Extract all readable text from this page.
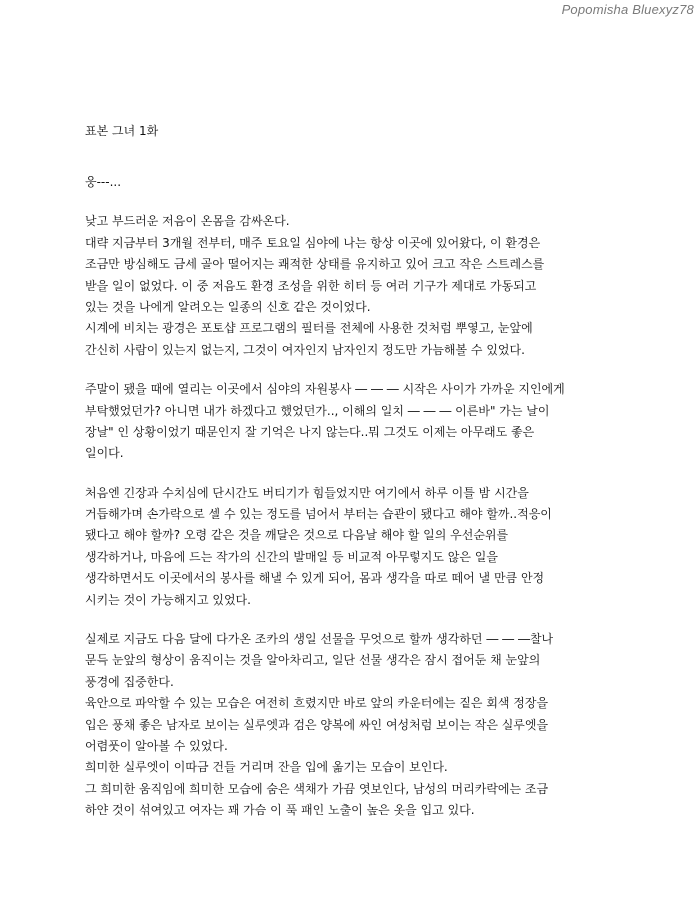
Popomisha Bluexyz78
표본 그녀 1화
웅---...
낮고 부드러운 저음이 온몸을 감싸온다.
대략 지금부터 3개월 전부터, 매주 토요일 심야에 나는 항상 이곳에 있어왔다, 이 환경은
조금만 방심해도 금세 골아 떨어지는 쾌적한 상태를 유지하고 있어 크고 작은 스트레스를
받을 일이 없었다. 이 중 저음도 환경 조성을 위한 히터 등 여러 기구가 제대로 가동되고
있는 것을 나에게 알려오는 일종의 신호 같은 것이었다.
시계에 비치는 광경은 포토샵 프로그램의 필터를 전체에 사용한 것처럼 뿌옇고, 눈앞에
간신히 사람이 있는지 없는지, 그것이 여자인지 남자인지 정도만 가늠해볼 수 있었다.
주말이 됐을 때에 열리는 이곳에서 심야의 자원봉사 ― ― ― 시작은 사이가 가까운 지인에게
부탁했었던가? 아니면 내가 하겠다고 했었던가.., 이해의 일치 ― ― ― 이른바" 가는 날이
장날" 인 상황이었기 때문인지 잘 기억은 나지 않는다..뭐 그것도 이제는 아무래도 좋은
일이다.
처음엔 긴장과 수치심에 단시간도 버티기가 힘들었지만 여기에서 하루 이틀 밤 시간을
거듭해가며 손가락으로 셀 수 있는 정도를 넘어서 부터는 습관이 됐다고 해야 할까..적응이
됐다고 해야 할까? 오령 같은 것을 깨달은 것으로 다음날 해야 할 일의 우선순위를
생각하거나, 마음에 드는 작가의 신간의 발매일 등 비교적 아무렇지도 않은 일을
생각하면서도 이곳에서의 봉사를 해낼 수 있게 되어, 몸과 생각을 따로 떼어 낼 만큼 안정
시키는 것이 가능해지고 있었다.
실제로 지금도 다음 달에 다가온 조카의 생일 선물을 무엇으로 할까 생각하던 ― ― ―찰나
문득 눈앞의 형상이 움직이는 것을 알아차리고, 일단 선물 생각은 잠시 접어둔 채 눈앞의
풍경에 집중한다.
육안으로 파악할 수 있는 모습은 여전히 흐렸지만 바로 앞의 카운터에는 짙은 회색 정장을
입은 풍채 좋은 남자로 보이는 실루엣과 검은 양복에 싸인 여성처럼 보이는 작은 실루엣을
어렴풋이 알아볼 수 있었다.
희미한 실루엣이 이따금 건들 거리며 잔을 입에 옮기는 모습이 보인다.
그 희미한 움직임에 희미한 모습에 숨은 색채가 가끔 엿보인다, 남성의 머리카락에는 조금
하얀 것이 섞여있고 여자는 꽤 가슴 이 푹 패인 노출이 높은 옷을 입고 있다.
